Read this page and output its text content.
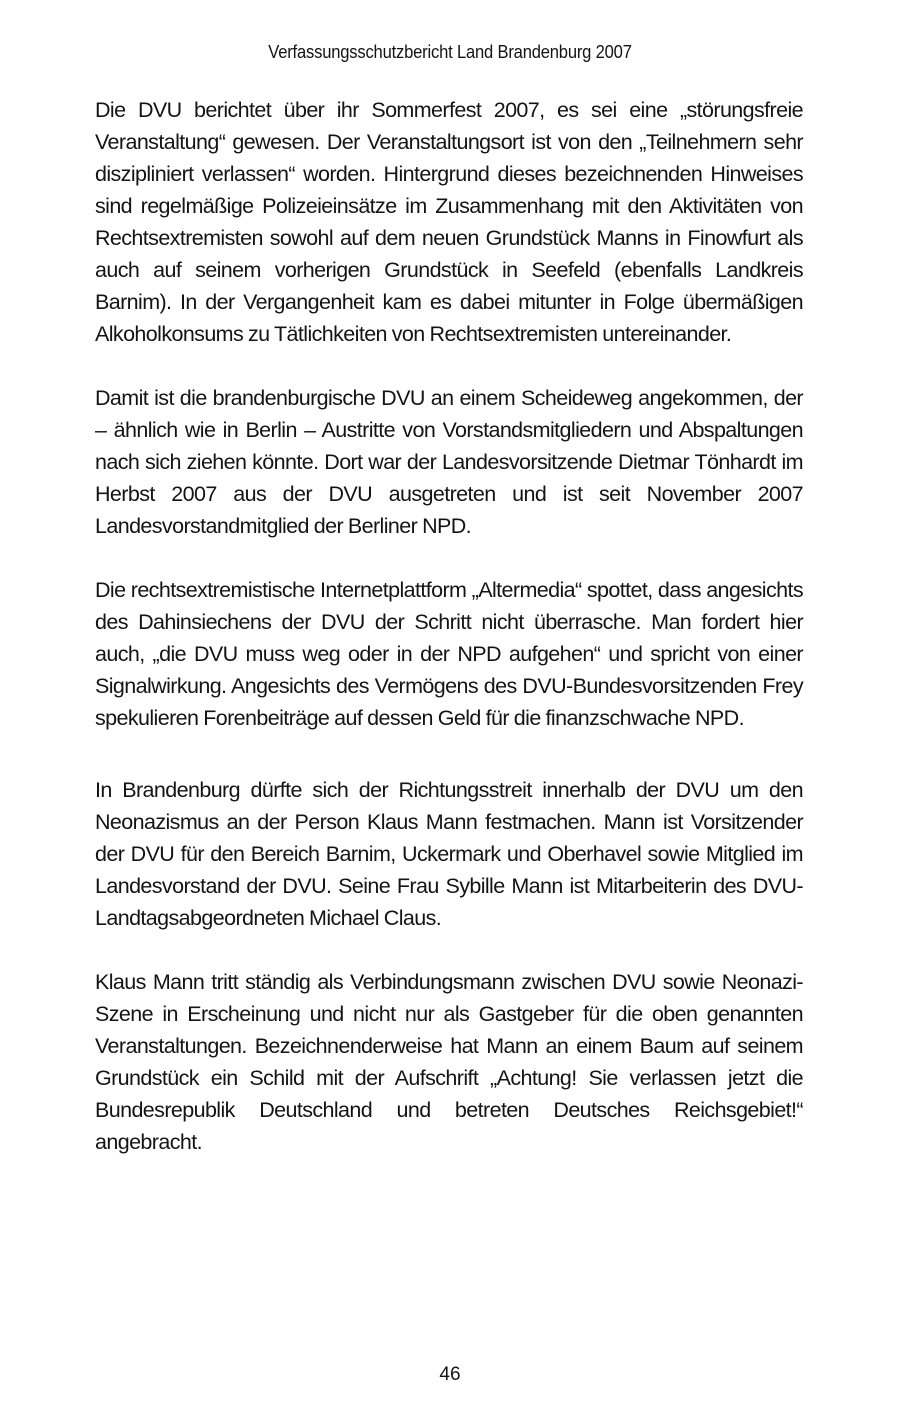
Verfassungsschutzbericht Land Brandenburg 2007

Die DVU berichtet über ihr Sommerfest 2007, es sei eine „störungsfreie Veranstaltung“ gewesen. Der Veranstaltungsort ist von den „Teilnehmern sehr diszipliniert verlassen“ worden. Hintergrund dieses bezeichnenden Hinweises sind regelmäßige Polizeieinsätze im Zusammenhang mit den Aktivitäten von Rechtsextremisten sowohl auf dem neuen Grundstück Manns in Finowfurt als auch auf seinem vorherigen Grundstück in Seefeld (ebenfalls Landkreis Barnim). In der Vergangenheit kam es dabei mitunter in Folge übermäßigen Alkoholkonsums zu Tätlichkeiten von Rechtsextremisten untereinander.

Damit ist die brandenburgische DVU an einem Scheideweg angekommen, der – ähnlich wie in Berlin – Austritte von Vorstandsmitgliedern und Abspaltungen nach sich ziehen könnte. Dort war der Landesvorsitzende Dietmar Tönhardt im Herbst 2007 aus der DVU ausgetreten und ist seit November 2007 Landesvorstandmitglied der Berliner NPD.

Die rechtsextremistische Internetplattform „Altermedia“ spottet, dass angesichts des Dahinsiechens der DVU der Schritt nicht überrasche. Man fordert hier auch, „die DVU muss weg oder in der NPD aufgehen“ und spricht von einer Signalwirkung. Angesichts des Vermögens des DVU-Bundesvorsitzenden Frey spekulieren Forenbeiträge auf dessen Geld für die finanzschwache NPD.

In Brandenburg dürfte sich der Richtungsstreit innerhalb der DVU um den Neonazismus an der Person Klaus Mann festmachen. Mann ist Vorsitzender der DVU für den Bereich Barnim, Uckermark und Oberhavel sowie Mitglied im Landesvorstand der DVU. Seine Frau Sybille Mann ist Mitarbeiterin des DVU-Landtagsabgeordneten Michael Claus.

Klaus Mann tritt ständig als Verbindungsmann zwischen DVU sowie Neonazi-Szene in Erscheinung und nicht nur als Gastgeber für die oben genannten Veranstaltungen. Bezeichnenderweise hat Mann an einem Baum auf seinem Grundstück ein Schild mit der Aufschrift „Achtung! Sie verlassen jetzt die Bundesrepublik Deutschland und betreten Deutsches Reichsgebiet!“ angebracht.

46
